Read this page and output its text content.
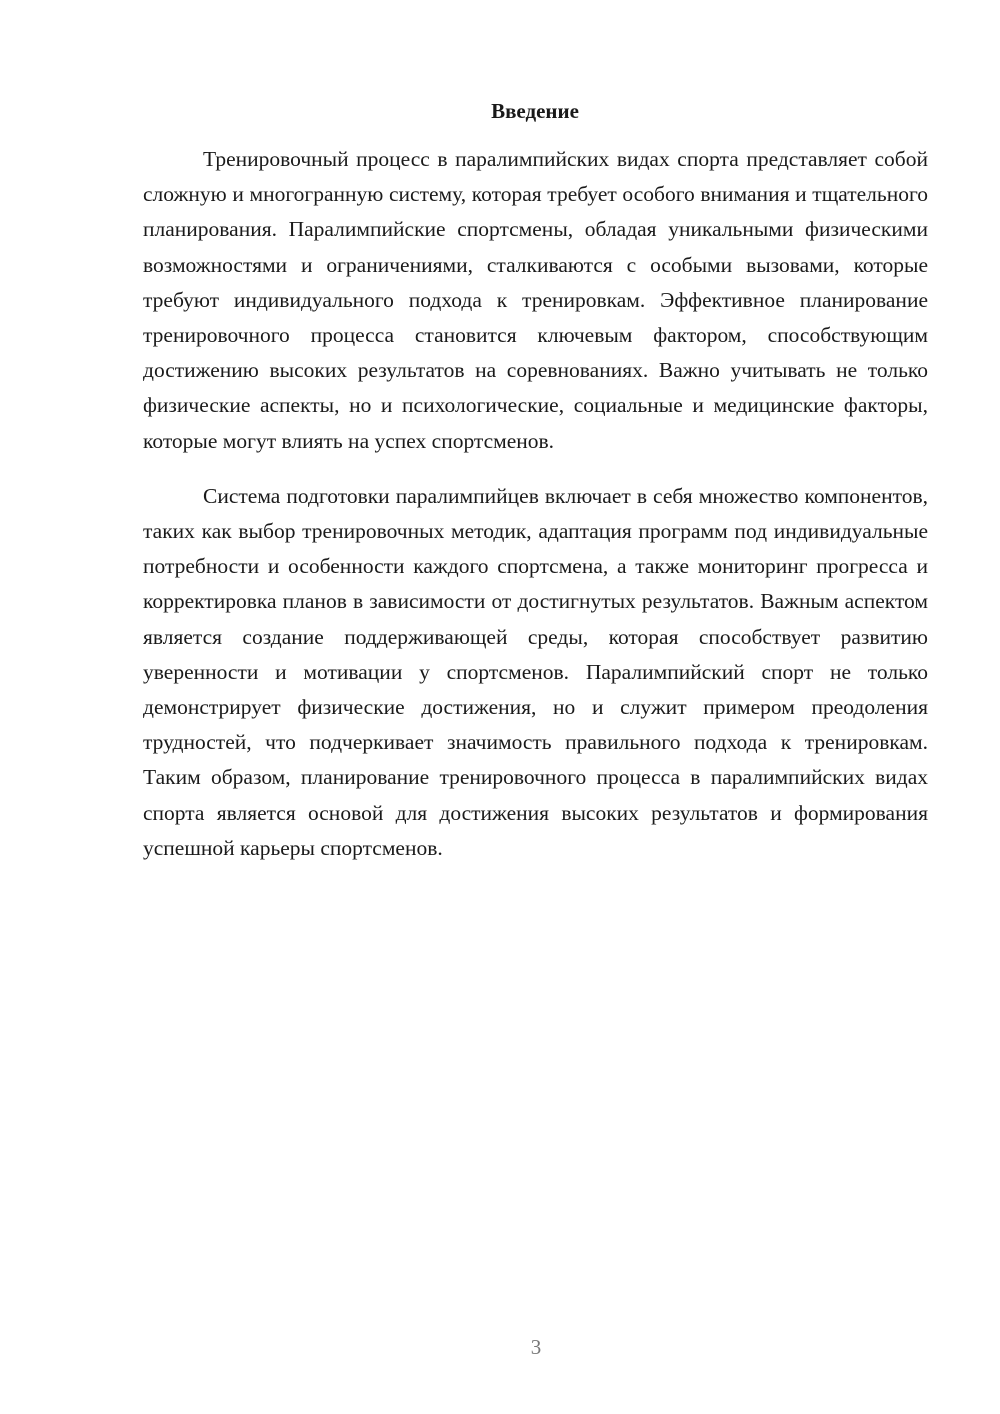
Введение

Тренировочный процесс в паралимпийских видах спорта представляет собой сложную и многогранную систему, которая требует особого внимания и тщательного планирования. Паралимпийские спортсмены, обладая уникальными физическими возможностями и ограничениями, сталкиваются с особыми вызовами, которые требуют индивидуального подхода к тренировкам. Эффективное планирование тренировочного процесса становится ключевым фактором, способствующим достижению высоких результатов на соревнованиях. Важно учитывать не только физические аспекты, но и психологические, социальные и медицинские факторы, которые могут влиять на успех спортсменов.

Система подготовки паралимпийцев включает в себя множество компонентов, таких как выбор тренировочных методик, адаптация программ под индивидуальные потребности и особенности каждого спортсмена, а также мониторинг прогресса и корректировка планов в зависимости от достигнутых результатов. Важным аспектом является создание поддерживающей среды, которая способствует развитию уверенности и мотивации у спортсменов. Паралимпийский спорт не только демонстрирует физические достижения, но и служит примером преодоления трудностей, что подчеркивает значимость правильного подхода к тренировкам. Таким образом, планирование тренировочного процесса в паралимпийских видах спорта является основой для достижения высоких результатов и формирования успешной карьеры спортсменов.

3
